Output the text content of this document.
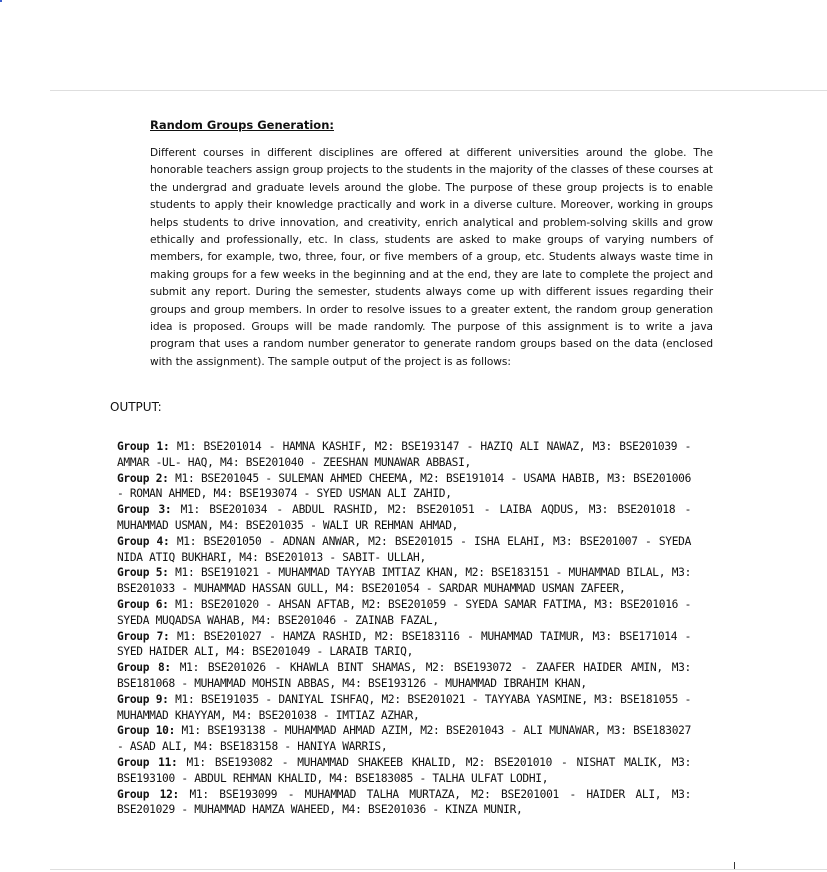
Random Groups Generation:

Different courses in different disciplines are offered at different universities around the globe. The honorable teachers assign group projects to the students in the majority of the classes of these courses at the undergrad and graduate levels around the globe. The purpose of these group projects is to enable students to apply their knowledge practically and work in a diverse culture. Moreover, working in groups helps students to drive innovation, and creativity, enrich analytical and problem-solving skills and grow ethically and professionally, etc. In class, students are asked to make groups of varying numbers of members, for example, two, three, four, or five members of a group, etc. Students always waste time in making groups for a few weeks in the beginning and at the end, they are late to complete the project and submit any report. During the semester, students always come up with different issues regarding their groups and group members. In order to resolve issues to a greater extent, the random group generation idea is proposed. Groups will be made randomly. The purpose of this assignment is to write a java program that uses a random number generator to generate random groups based on the data (enclosed with the assignment). The sample output of the project is as follows:

OUTPUT:

Group 1: M1: BSE201014 - HAMNA KASHIF, M2: BSE193147 - HAZIQ ALI NAWAZ, M3: BSE201039 - AMMAR -UL- HAQ, M4: BSE201040 - ZEESHAN MUNAWAR ABBASI,

Group 2: M1: BSE201045 - SULEMAN AHMED CHEEMA, M2: BSE191014 - USAMA HABIB, M3: BSE201006 - ROMAN AHMED, M4: BSE193074 - SYED USMAN ALI ZAHID,

Group 3: M1: BSE201034 - ABDUL RASHID, M2: BSE201051 - LAIBA AQDUS, M3: BSE201018 - MUHAMMAD USMAN, M4: BSE201035 - WALI UR REHMAN AHMAD,

Group 4: M1: BSE201050 - ADNAN ANWAR, M2: BSE201015 - ISHA ELAHI, M3: BSE201007 - SYEDA NIDA ATIQ BUKHARI, M4: BSE201013 - SABIT- ULLAH,

Group 5: M1: BSE191021 - MUHAMMAD TAYYAB IMTIAZ KHAN, M2: BSE183151 - MUHAMMAD BILAL, M3: BSE201033 - MUHAMMAD HASSAN GULL, M4: BSE201054 - SARDAR MUHAMMAD USMAN ZAFEER,

Group 6: M1: BSE201020 - AHSAN AFTAB, M2: BSE201059 - SYEDA SAMAR FATIMA, M3: BSE201016 - SYEDA MUQADSA WAHAB, M4: BSE201046 - ZAINAB FAZAL,

Group 7: M1: BSE201027 - HAMZA RASHID, M2: BSE183116 - MUHAMMAD TAIMUR, M3: BSE171014 - SYED HAIDER ALI, M4: BSE201049 - LARAIB TARIQ,

Group 8: M1: BSE201026 - KHAWLA BINT SHAMAS, M2: BSE193072 - ZAAFER HAIDER AMIN, M3: BSE181068 - MUHAMMAD MOHSIN ABBAS, M4: BSE193126 - MUHAMMAD IBRAHIM KHAN,

Group 9: M1: BSE191035 - DANIYAL ISHFAQ, M2: BSE201021 - TAYYABA YASMINE, M3: BSE181055 - MUHAMMAD KHAYYAM, M4: BSE201038 - IMTIAZ AZHAR,

Group 10: M1: BSE193138 - MUHAMMAD AHMAD AZIM, M2: BSE201043 - ALI MUNAWAR, M3: BSE183027 - ASAD ALI, M4: BSE183158 - HANIYA WARRIS,

Group 11: M1: BSE193082 - MUHAMMAD SHAKEEB KHALID, M2: BSE201010 - NISHAT MALIK, M3: BSE193100 - ABDUL REHMAN KHALID, M4: BSE183085 - TALHA ULFAT LODHI,

Group 12: M1: BSE193099 - MUHAMMAD TALHA MURTAZA, M2: BSE201001 - HAIDER ALI, M3: BSE201029 - MUHAMMAD HAMZA WAHEED, M4: BSE201036 - KINZA MUNIR,
